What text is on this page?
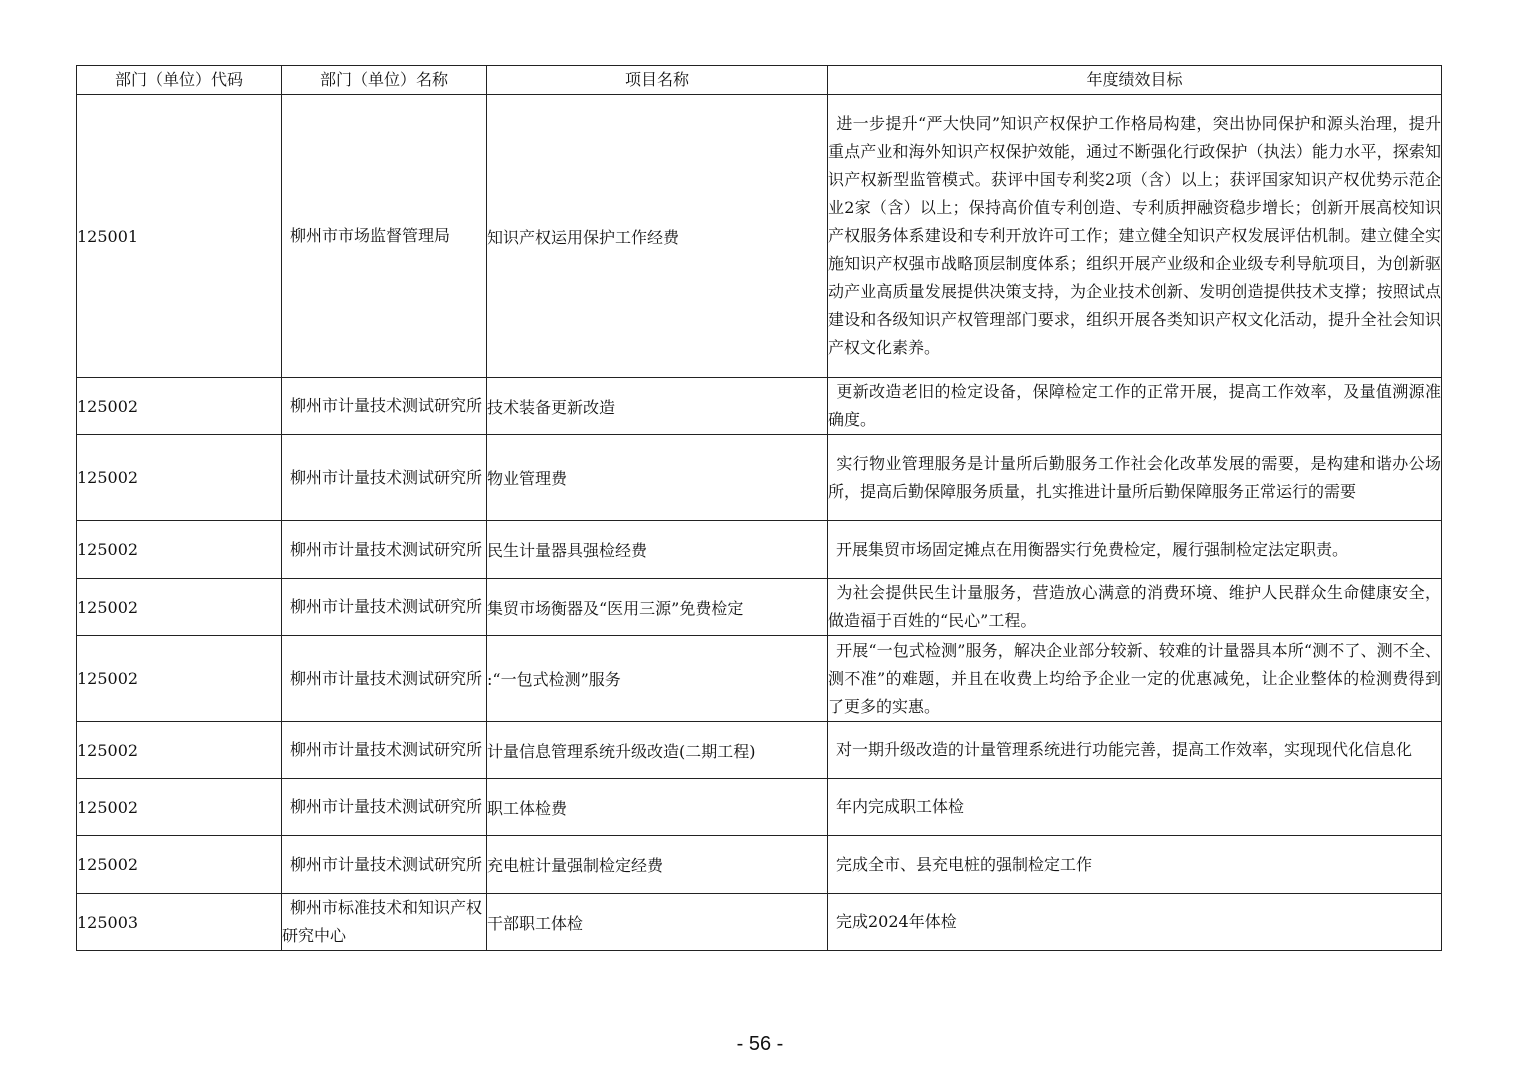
部门（单位）代码	部门（单位）名称	项目名称	年度绩效目标
125001	柳州市市场监督管理局	知识产权运用保护工作经费	进一步提升“严大快同”知识产权保护工作格局构建，突出协同保护和源头治理，提升重点产业和海外知识产权保护效能，通过不断强化行政保护（执法）能力水平，探索知识产权新型监管模式。获评中国专利奖2项（含）以上；获评国家知识产权优势示范企业2家（含）以上；保持高价值专利创造、专利质押融资稳步增长；创新开展高校知识产权服务体系建设和专利开放许可工作；建立健全知识产权发展评估机制。建立健全实施知识产权强市战略顶层制度体系；组织开展产业级和企业级专利导航项目，为创新驱动产业高质量发展提供决策支持，为企业技术创新、发明创造提供技术支撑；按照试点建设和各级知识产权管理部门要求，组织开展各类知识产权文化活动，提升全社会知识产权文化素养。
125002	柳州市计量技术测试研究所	技术装备更新改造	更新改造老旧的检定设备，保障检定工作的正常开展，提高工作效率，及量值溯源准确度。
125002	柳州市计量技术测试研究所	物业管理费	实行物业管理服务是计量所后勤服务工作社会化改革发展的需要，是构建和谐办公场所，提高后勤保障服务质量，扎实推进计量所后勤保障服务正常运行的需要
125002	柳州市计量技术测试研究所	民生计量器具强检经费	开展集贸市场固定摊点在用衡器实行免费检定，履行强制检定法定职责。
125002	柳州市计量技术测试研究所	集贸市场衡器及“医用三源”免费检定	为社会提供民生计量服务，营造放心满意的消费环境、维护人民群众生命健康安全，做造福于百姓的“民心”工程。
125002	柳州市计量技术测试研究所	:“一包式检测”服务	开展“一包式检测”服务，解决企业部分较新、较难的计量器具本所“测不了、测不全、测不准”的难题，并且在收费上均给予企业一定的优惠减免，让企业整体的检测费得到了更多的实惠。
125002	柳州市计量技术测试研究所	计量信息管理系统升级改造(二期工程)	对一期升级改造的计量管理系统进行功能完善，提高工作效率，实现现代化信息化
125002	柳州市计量技术测试研究所	职工体检费	年内完成职工体检
125002	柳州市计量技术测试研究所	充电桩计量强制检定经费	完成全市、县充电桩的强制检定工作
125003	柳州市标准技术和知识产权研究中心	干部职工体检	完成2024年体检
- 56 -
